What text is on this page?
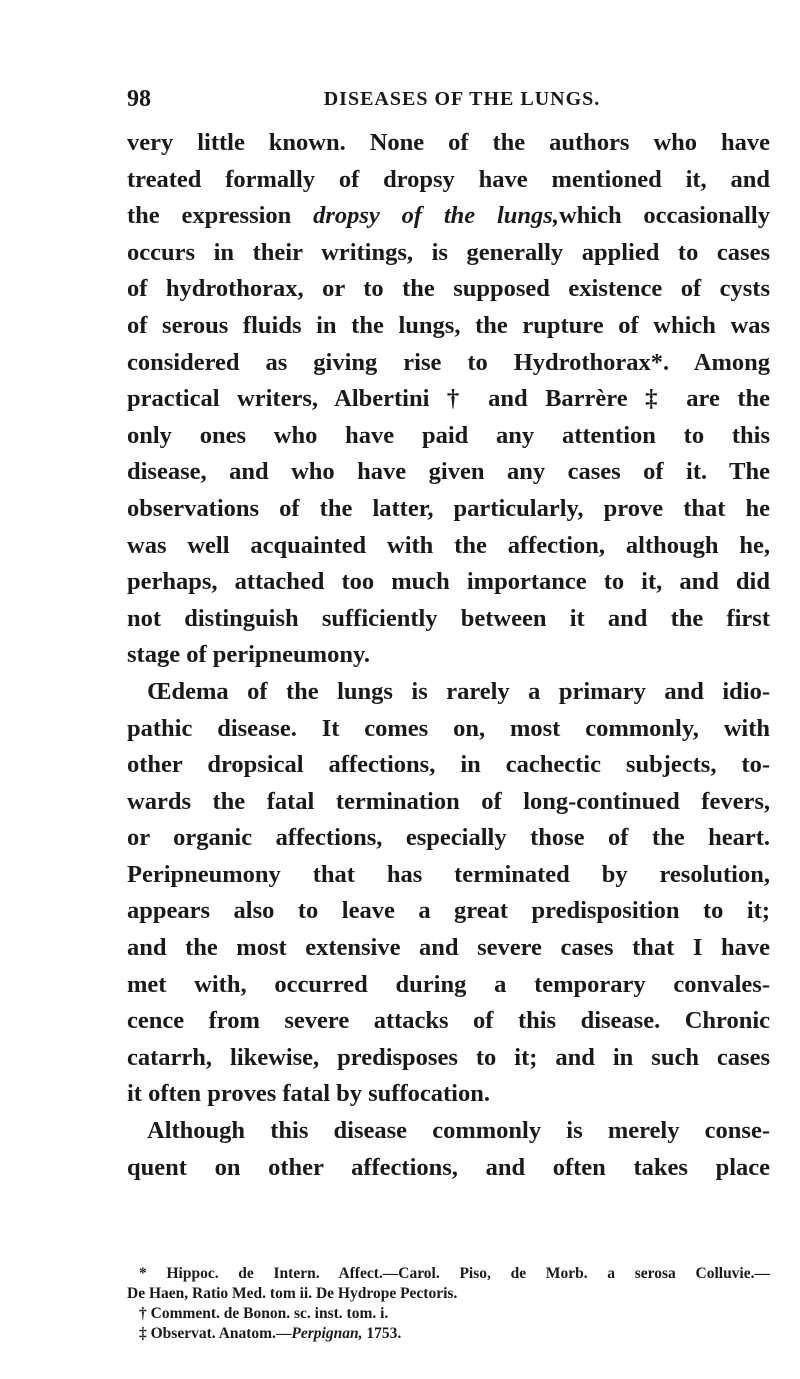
98	DISEASES OF THE LUNGS.
very little known. None of the authors who have
treated formally of dropsy have mentioned it, and
the expression dropsy of the lungs,which occasionally
occurs in their writings, is generally applied to cases
of hydrothorax, or to the supposed existence of cysts
of serous fluids in the lungs, the rupture of which was
considered as giving rise to Hydrothorax*. Among
practical writers, Albertini † and Barrère ‡ are the
only ones who have paid any attention to this
disease, and who have given any cases of it. The
observations of the latter, particularly, prove that he
was well acquainted with the affection, although he,
perhaps, attached too much importance to it, and did
not distinguish sufficiently between it and the first
stage of peripneumony.
Œdema of the lungs is rarely a primary and idio-
pathic disease. It comes on, most commonly, with
other dropsical affections, in cachectic subjects, to-
wards the fatal termination of long-continued fevers,
or organic affections, especially those of the heart.
Peripneumony that has terminated by resolution,
appears also to leave a great predisposition to it;
and the most extensive and severe cases that I have
met with, occurred during a temporary convales-
cence from severe attacks of this disease. Chronic
catarrh, likewise, predisposes to it; and in such cases
it often proves fatal by suffocation.
Although this disease commonly is merely conse-
quent on other affections, and often takes place
* Hippoc. de Intern. Affect.—Carol. Piso, de Morb. a serosa Colluvie.—
De Haen, Ratio Med. tom ii. De Hydrope Pectoris.
† Comment. de Bonon. sc. inst. tom. i.
‡ Observat. Anatom.—Perpignan, 1753.
